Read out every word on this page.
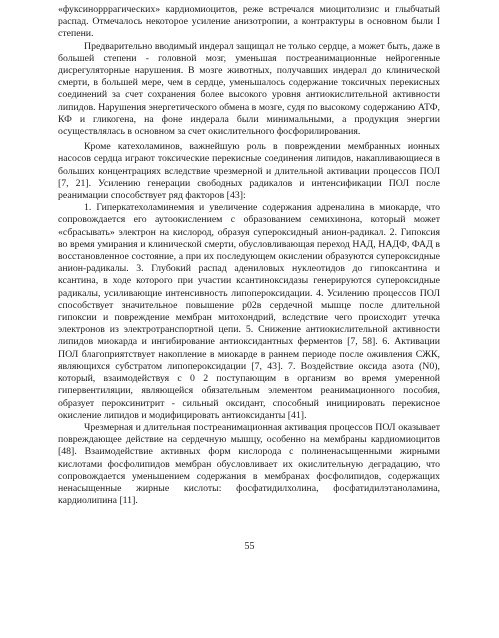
«фуксинорррагических» кардиомиоцитов, реже встречался миоцитолизис и глыбчатый распад. Отмечалось некоторое усиление анизотропии, а контрактуры в основном были I степени.

Предварительно вводимый индерал защищал не только сердце, а может быть, даже в большей степени - головной мозг, уменьшая постреанимационные нейрогенные дисрегуляторные нарушения. В мозге животных, получавших индерал до клинической смерти, в большей мере, чем в сердце, уменьшалось содержание токсичных перекисных соединений за счет сохранения более высокого уровня антиокислительной активности липидов. Нарушения энергетического обмена в мозге, судя по высокому содержанию АТФ, КФ и гликогена, на фоне индерала были минимальными, а продукция энергии осуществлялась в основном за счет окислительного фосфорилирования.

Кроме катехоламинов, важнейшую роль в повреждении мембранных ионных насосов сердца играют токсические перекисные соединения липидов, накапливающиеся в больших концентрациях вследствие чрезмерной и длительной активации процессов ПОЛ [7, 21]. Усилению генерации свободных радикалов и интенсификации ПОЛ после реанимации способствует ряд факторов [43]:

1. Гиперкатехоламинемия и увеличение содержания адреналина в миокарде, что сопровождается его аутоокислением с образованием семихинона, который может «сбрасывать» электрон на кислород, образуя супероксидный анион-радикал. 2. Гипоксия во время умирания и клинической смерти, обусловливающая переход НАД, НАДФ, ФАД в восстановленное состояние, а при их последующем окислении образуются супероксидные анион-радикалы. 3. Глубокий распад адениловых нуклеотидов до гипоксантина и ксантина, в ходе которого при участии ксантиноксидазы генерируются супероксидные радикалы, усиливающие интенсивность липопероксидации. 4. Усилению процессов ПОЛ способствует значительное повышение р02в сердечной мышце после длительной гипоксии и повреждение мембран митохондрий, вследствие чего происходит утечка электронов из электротранспортной цепи. 5. Снижение антиокислительной активности липидов миокарда и ингибирование антиоксидантных ферментов [7, 58]. 6. Активации ПОЛ благоприятствует накопление в миокарде в раннем периоде после оживления СЖК, являющихся субстратом липопероксидации [7, 43]. 7. Воздействие оксида азота (N0), который, взаимодействуя с 0 2 поступающим в организм во время умеренной гипервентиляции, являющейся обязательным элементом реанимационного пособия, образует пероксинитрит - сильный оксидант, способный инициировать перекисное окисление липидов и модифицировать антиоксиданты [41].

Чрезмерная и длительная постреанимационная активация процессов ПОЛ оказывает повреждающее действие на сердечную мышцу, особенно на мембраны кардиомиоцитов [48]. Взаимодействие активных форм кислорода с полиненасыщенными жирными кислотами фосфолипидов мембран обусловливает их окислительную деградацию, что сопровождается уменьшением содержания в мембранах фосфолипидов, содержащих ненасыщенные жирные кислоты: фосфатидилхолина, фосфатидилэтаноламина, кардиолипина [11].

55
